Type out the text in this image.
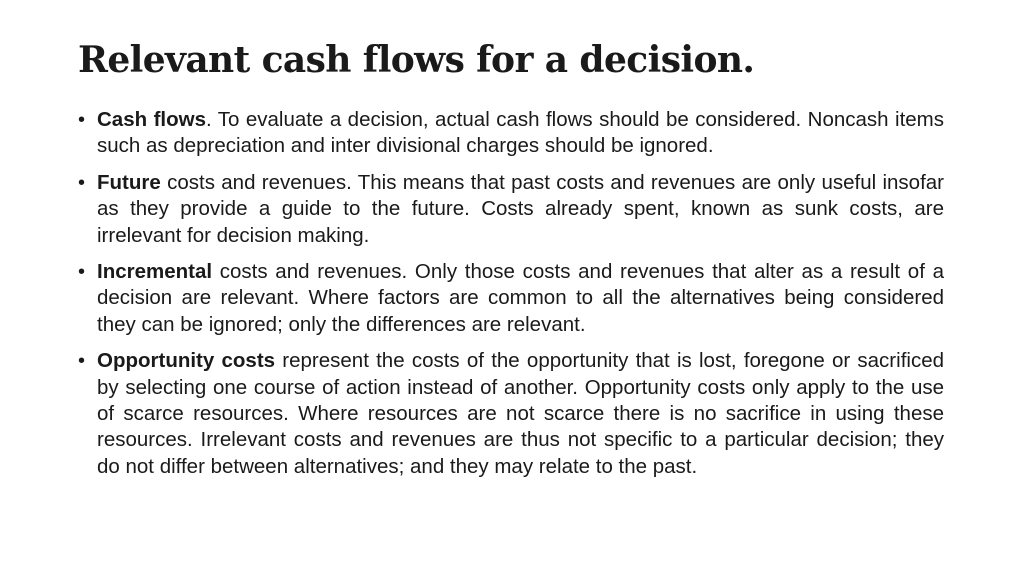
Relevant cash flows for a decision.
• Cash flows. To evaluate a decision, actual cash flows should be considered. Noncash items such as depreciation and inter divisional charges should be ignored.
• Future costs and revenues. This means that past costs and revenues are only useful insofar as they provide a guide to the future. Costs already spent, known as sunk costs, are irrelevant for decision making.
• Incremental costs and revenues. Only those costs and revenues that alter as a result of a decision are relevant. Where factors are common to all the alternatives being considered they can be ignored; only the differences are relevant.
• Opportunity costs represent the costs of the opportunity that is lost, foregone or sacrificed by selecting one course of action instead of another. Opportunity costs only apply to the use of scarce resources. Where resources are not scarce there is no sacrifice in using these resources. Irrelevant costs and revenues are thus not specific to a particular decision; they do not differ between alternatives; and they may relate to the past.
